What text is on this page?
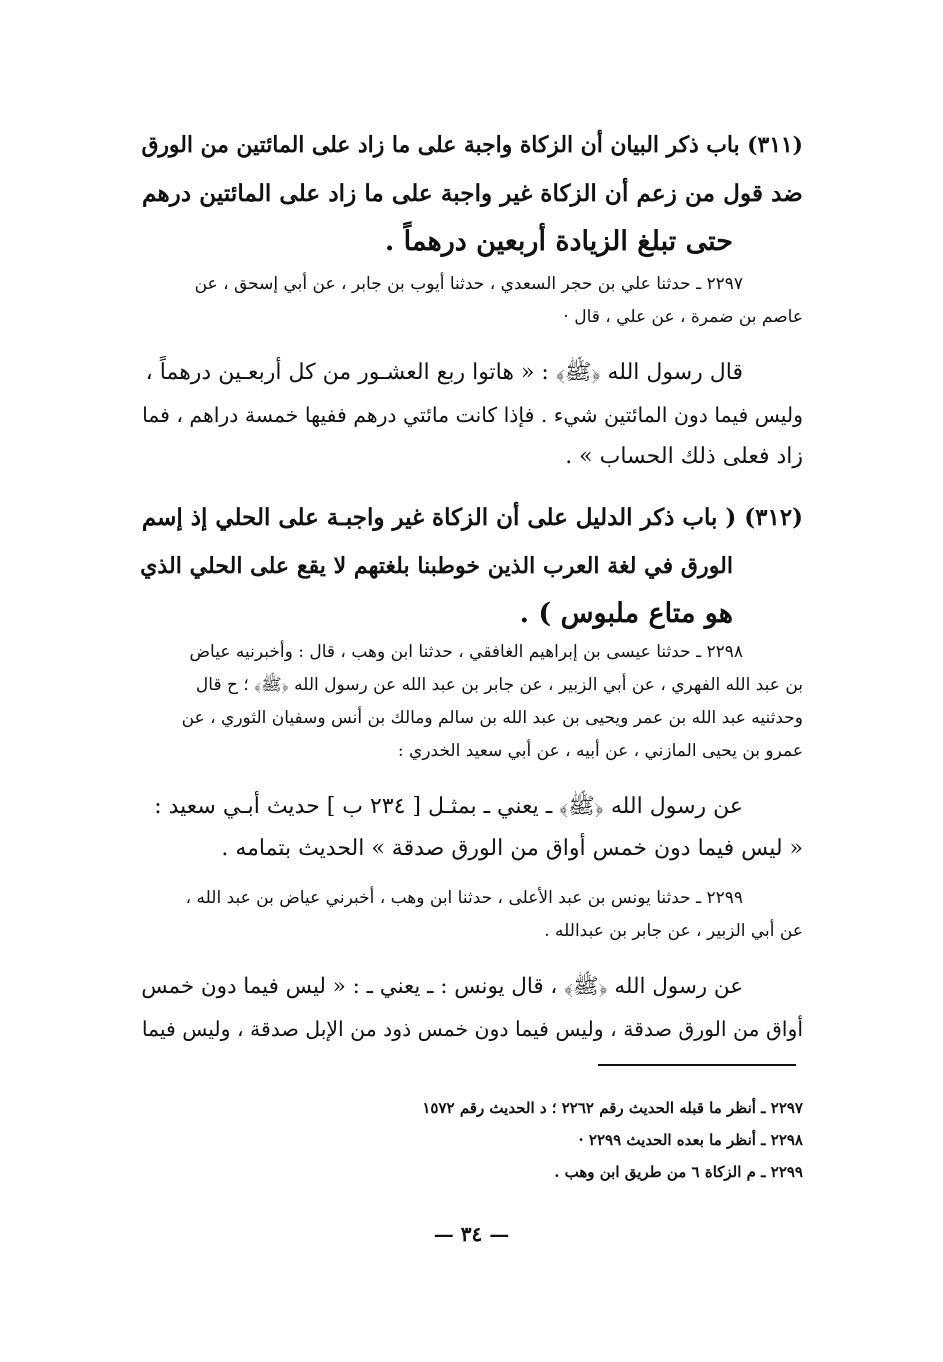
(٣١١) باب ذكر البيان أن الزكاة واجبة على ما زاد على المائتين من الورق
ضد قول من زعم أن الزكاة غير واجبة على ما زاد على المائتين درهم
حتى تبلغ الزيادة أربعين درهماً .
٢٢٩٧ ـ حدثنا علي بن حجر السعدي ، حدثنا أيوب بن جابر ، عن أبي إسحق ، عن
عاصم بن ضمرة ، عن علي ، قال ·
قال رسول الله ﴿ﷺ﴾ : « هاتوا ربع العشـور من كل أربعـين درهماً ،
وليس فيما دون المائتين شيء . فإذا كانت مائتي درهم ففيها خمسة دراهم ، فما
زاد فعلى ذلك الحساب » .
(٣١٢) ( باب ذكر الدليل على أن الزكاة غير واجبـة على الحلي إذ إسم
الورق في لغة العرب الذين خوطبنا بلغتهم لا يقع على الحلي الذي
هو متاع ملبوس ) .
٢٢٩٨ ـ حدثنا عيسى بن إبراهيم الغافقي ، حدثنا ابن وهب ، قال : وأخبرنيه عياض
بن عبد الله الفهري ، عن أبي الزبير ، عن جابر بن عبد الله عن رسول الله ﴿ﷺ﴾ ؛ ح قال
وحدثنيه عبد الله بن عمر ويحيى بن عبد الله بن سالم ومالك بن أنس وسفيان الثوري ، عن
عمرو بن يحيى المازني ، عن أبيه ، عن أبي سعيد الخدري :
عن رسول الله ﴿ﷺ﴾ ـ يعني ـ بمثـل [ ٢٣٤ ب ] حديث أبـي سعيد :
« ليس فيما دون خمس أواق من الورق صدقة » الحديث بتمامه .
٢٢٩٩ ـ حدثنا يونس بن عبد الأعلى ، حدثنا ابن وهب ، أخبرني عياض بن عبد الله ،
عن أبي الزبير ، عن جابر بن عبدالله .
عن رسول الله ﴿ﷺ﴾ ، قال يونس : ـ يعني ـ : « ليس فيما دون خمس
أواق من الورق صدقة ، وليس فيما دون خمس ذود من الإبل صدقة ، وليس فيما
٢٢٩٧ ـ أنظر ما قبله الحديث رقم ٢٢٦٢ ؛ د الحديث رقم ١٥٧٢
٢٢٩٨ ـ أنظر ما بعده الحديث ٢٢٩٩ ·
٢٢٩٩ ـ م الزكاة ٦ من طريق ابن وهب .
— ٣٤ —
